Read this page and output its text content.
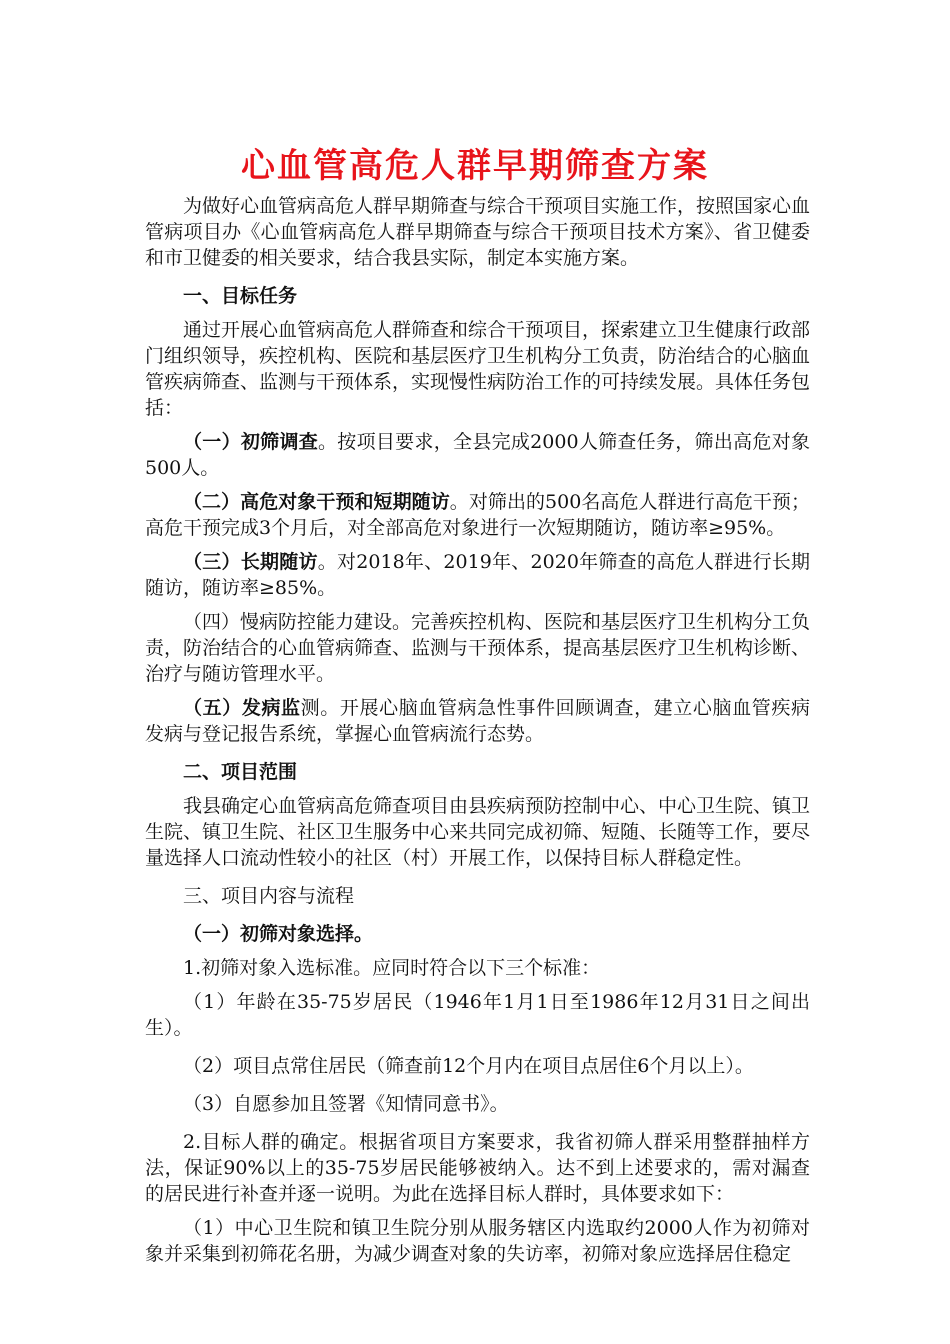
心血管高危人群早期筛查方案

为做好心血管病高危人群早期筛查与综合干预项目实施工作，按照国家心血管病项目办《心血管病高危人群早期筛查与综合干预项目技术方案》、省卫健委和市卫健委的相关要求，结合我县实际，制定本实施方案。

一、目标任务

通过开展心血管病高危人群筛查和综合干预项目，探索建立卫生健康行政部门组织领导，疾控机构、医院和基层医疗卫生机构分工负责，防治结合的心脑血管疾病筛查、监测与干预体系，实现慢性病防治工作的可持续发展。具体任务包括：

（一）初筛调查。按项目要求，全县完成2000人筛查任务，筛出高危对象500人。

（二）高危对象干预和短期随访。对筛出的500名高危人群进行高危干预；高危干预完成3个月后，对全部高危对象进行一次短期随访，随访率≥95%。

（三）长期随访。对2018年、2019年、2020年筛查的高危人群进行长期随访，随访率≥85%。

（四）慢病防控能力建设。完善疾控机构、医院和基层医疗卫生机构分工负责，防治结合的心血管病筛查、监测与干预体系，提高基层医疗卫生机构诊断、治疗与随访管理水平。

（五）发病监测。开展心脑血管病急性事件回顾调查，建立心脑血管疾病发病与登记报告系统，掌握心血管病流行态势。

二、项目范围

我县确定心血管病高危筛查项目由县疾病预防控制中心、中心卫生院、镇卫生院、镇卫生院、社区卫生服务中心来共同完成初筛、短随、长随等工作，要尽量选择人口流动性较小的社区（村）开展工作，以保持目标人群稳定性。

三、项目内容与流程

（一）初筛对象选择。

1.初筛对象入选标准。应同时符合以下三个标准：

（1）年龄在35-75岁居民（1946年1月1日至1986年12月31日之间出生）。

（2）项目点常住居民（筛查前12个月内在项目点居住6个月以上）。

（3）自愿参加且签署《知情同意书》。

2.目标人群的确定。根据省项目方案要求，我省初筛人群采用整群抽样方法，保证90%以上的35-75岁居民能够被纳入。达不到上述要求的，需对漏查的居民进行补查并逐一说明。为此在选择目标人群时，具体要求如下：

（1）中心卫生院和镇卫生院分别从服务辖区内选取约2000人作为初筛对象并采集到初筛花名册，为减少调查对象的失访率，初筛对象应选择居住稳定
